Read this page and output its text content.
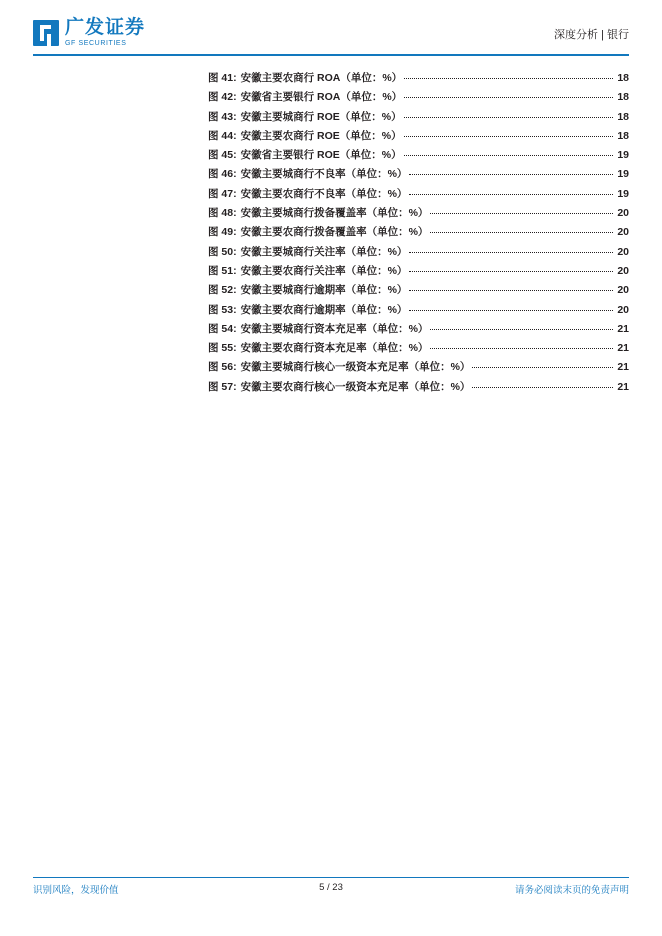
广发证券
GF SECURITIES
深度分析 | 银行
图 41: 安徽主要农商行 ROA（单位：%）	18
图 42: 安徽省主要银行 ROA（单位：%）	18
图 43: 安徽主要城商行 ROE（单位：%）	18
图 44: 安徽主要农商行 ROE（单位：%）	18
图 45: 安徽省主要银行 ROE（单位：%）	19
图 46: 安徽主要城商行不良率（单位：%）	19
图 47: 安徽主要农商行不良率（单位：%）	19
图 48: 安徽主要城商行拨备覆盖率（单位：%）	20
图 49: 安徽主要农商行拨备覆盖率（单位：%）	20
图 50: 安徽主要城商行关注率（单位：%）	20
图 51: 安徽主要农商行关注率（单位：%）	20
图 52: 安徽主要城商行逾期率（单位：%）	20
图 53: 安徽主要农商行逾期率（单位：%）	20
图 54: 安徽主要城商行资本充足率（单位：%）	21
图 55: 安徽主要农商行资本充足率（单位：%）	21
图 56: 安徽主要城商行核心一级资本充足率（单位：%）	21
图 57: 安徽主要农商行核心一级资本充足率（单位：%）	21
识别风险，发现价值	5 / 23	请务必阅读末页的免责声明
